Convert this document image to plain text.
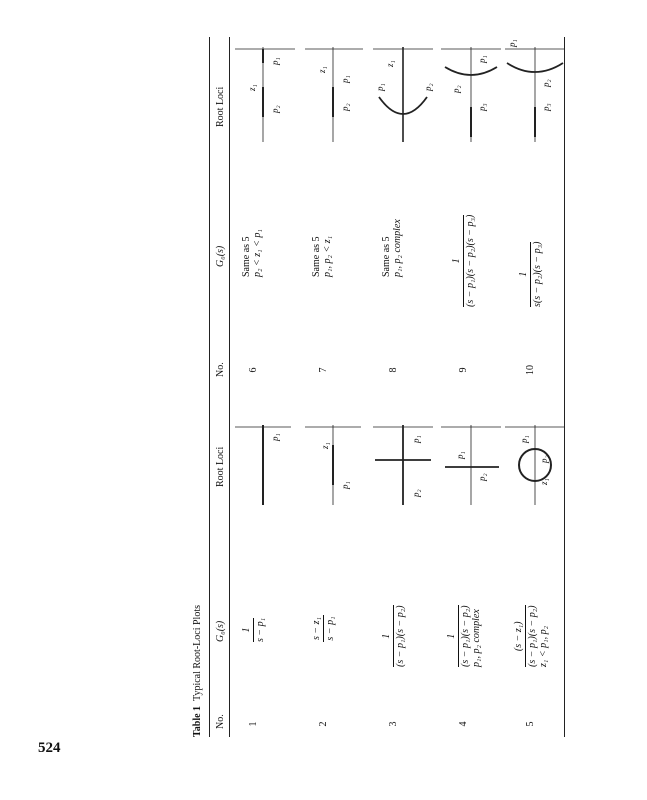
524
Table 1  Typical Root-Loci Plots
No.
G₀(s)
Root Loci
No.
G₀(s)
Root Loci
1
1 s − p₁
2
s − z₁ s − p₁
3
1 (s − p₁)(s − p₂)
4
1 (s − p₁)(s − p₂) p₁, p₂ complex
5
(s − z₁) (s − p₁)(s − p₂) z₁ < p₁, p₂
6
Same as 5 p₂ < z₁ < p₁
7
Same as 5 p₁, p₂ < z₁
8
Same as 5 p₁, p₂ complex
9
1 (s − p₁)(s − p₂)(s − p₃)
10
1 s(s − p₂)(s − p₃)
p₁
p₁
z₁
p₂
p₁
p₁
p₂
p₁
p₂
z₁
p₂
z₁
p₁
p₂
p₁
z₁
p₁	p₂
z₁
p₃
p₂
p₁
p₃
p₂
p₁
